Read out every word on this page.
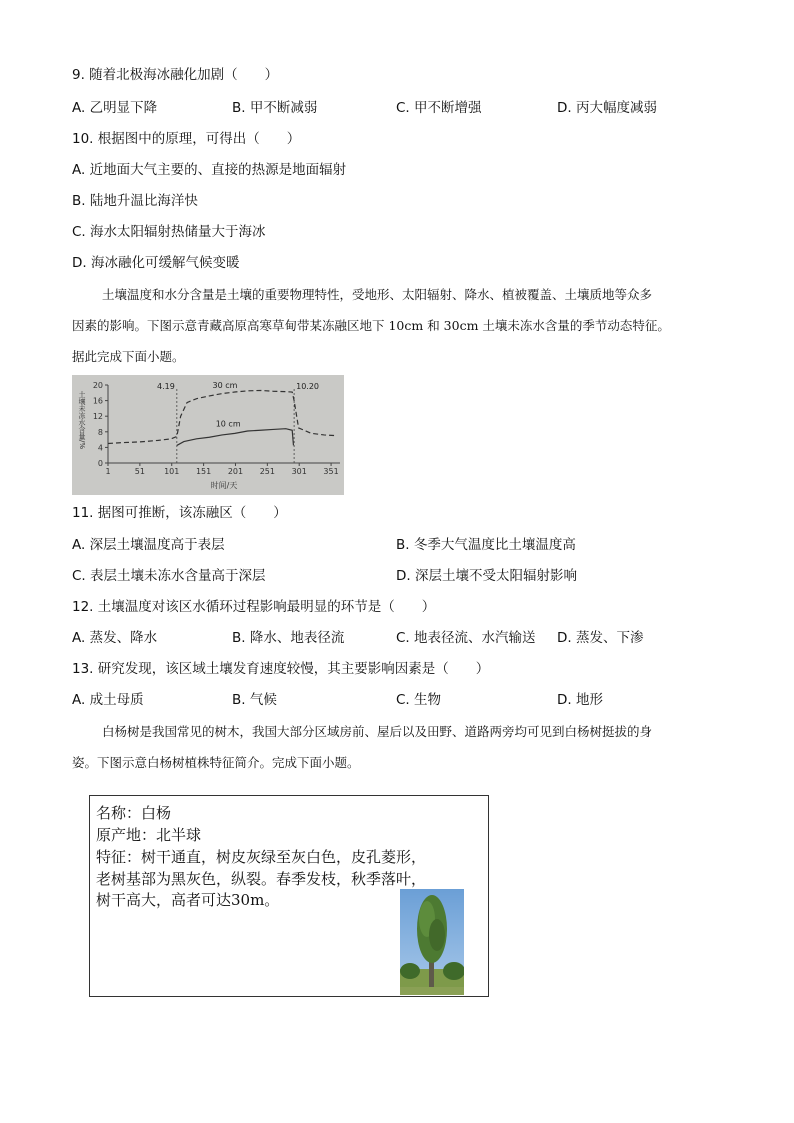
9. 随着北极海冰融化加剧（　　）
A. 乙明显下降	B. 甲不断减弱	C. 甲不断增强	D. 丙大幅度减弱
10. 根据图中的原理，可得出（　　）
A. 近地面大气主要的、直接的热源是地面辐射
B. 陆地升温比海洋快
C. 海水太阳辐射热储量大于海冰
D. 海冰融化可缓解气候变暖
土壤温度和水分含量是土壤的重要物理特性，受地形、太阳辐射、降水、植被覆盖、土壤质地等众多
因素的影响。下图示意青藏高原高寒草甸带某冻融区地下 10cm 和 30cm 土壤未冻水含量的季节动态特征。
据此完成下面小题。
0
4
8
12
16
20
1	51 101 151 201 251 301 351
时间/天
土壤未冻水含量/%
4.19	10.20
30 cm
10 cm
11. 据图可推断，该冻融区（　　）
A. 深层土壤温度高于表层	B. 冬季大气温度比土壤温度高
C. 表层土壤未冻水含量高于深层	D. 深层土壤不受太阳辐射影响
12. 土壤温度对该区水循环过程影响最明显的环节是（　　）
A. 蒸发、降水	B. 降水、地表径流	C. 地表径流、水汽输送 D. 蒸发、下渗
13. 研究发现，该区域土壤发育速度较慢，其主要影响因素是（　　）
A. 成土母质	B. 气候	C. 生物	D. 地形
白杨树是我国常见的树木，我国大部分区域房前、屋后以及田野、道路两旁均可见到白杨树挺拔的身
姿。下图示意白杨树植株特征简介。完成下面小题。
名称：白杨
原产地：北半球
特征：树干通直，树皮灰绿至灰白色，皮孔菱形，
老树基部为黑灰色，纵裂。春季发枝，秋季落叶，
树干高大，高者可达30m。
